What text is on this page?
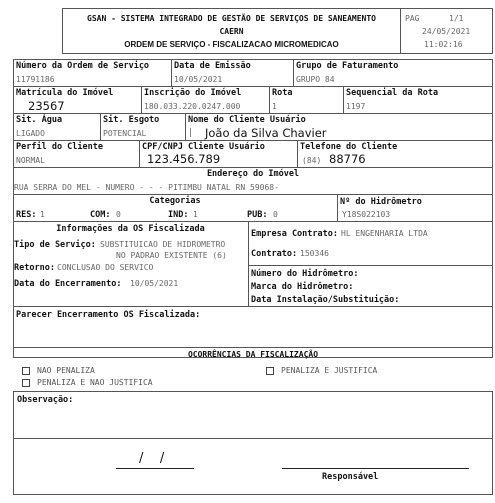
GSAN - SISTEMA INTEGRADO DE GESTÃO DE SERVIÇOS DE SANEAMENTO
CAERN
ORDEM DE SERVIÇO - FISCALIZACAO MICROMEDICAO
PAG	1/1
24/05/2021
11:02:16
Número da Ordem de Serviço
11791186
Data de Emissão
10/05/2021
Grupo de Faturamento
GRUPO 84
Matrícula do Imóvel
23567
Inscrição do Imóvel
180.033.220.0247.000
Rota
1
Sequencial da Rota
1197
Sit. Água
LIGADO
Sit. Esgoto
POTENCIAL
Nome do Cliente Usuário
João da Silva Chavier
Perfil do Cliente
NORMAL
CPF/CNPJ Cliente Usuário
123.456.789
Telefone do Cliente
(84) 88776
Endereço do Imóvel
RUA SERRA DO MEL - NUMERO - - - PITIMBU NATAL RN 59068-
Categorias
RES: 1	COM: 0	IND: 1	PUB: 0
Nº do Hidrômetro
Y18S022103
Informações da OS Fiscalizada
Tipo de Serviço: SUBSTITUICAO DE HIDROMETRO
NO PADRAO EXISTENTE (6)
Retorno: CONCLUSAO DO SERVICO
Data do Encerramento: 10/05/2021
Empresa Contrato: HL ENGENHARIA LTDA
Contrato: 150346
Número do Hidrômetro:
Marca do Hidrômetro:
Data Instalação/Substituição:
Parecer Encerramento OS Fiscalizada:
OCORRÊNCIAS DA FISCALIZAÇÃO
NAO PENALIZA	PENALIZA E JUSTIFICA
PENALIZA E NAO JUSTIFICA
Observação:
/    /
Responsável
